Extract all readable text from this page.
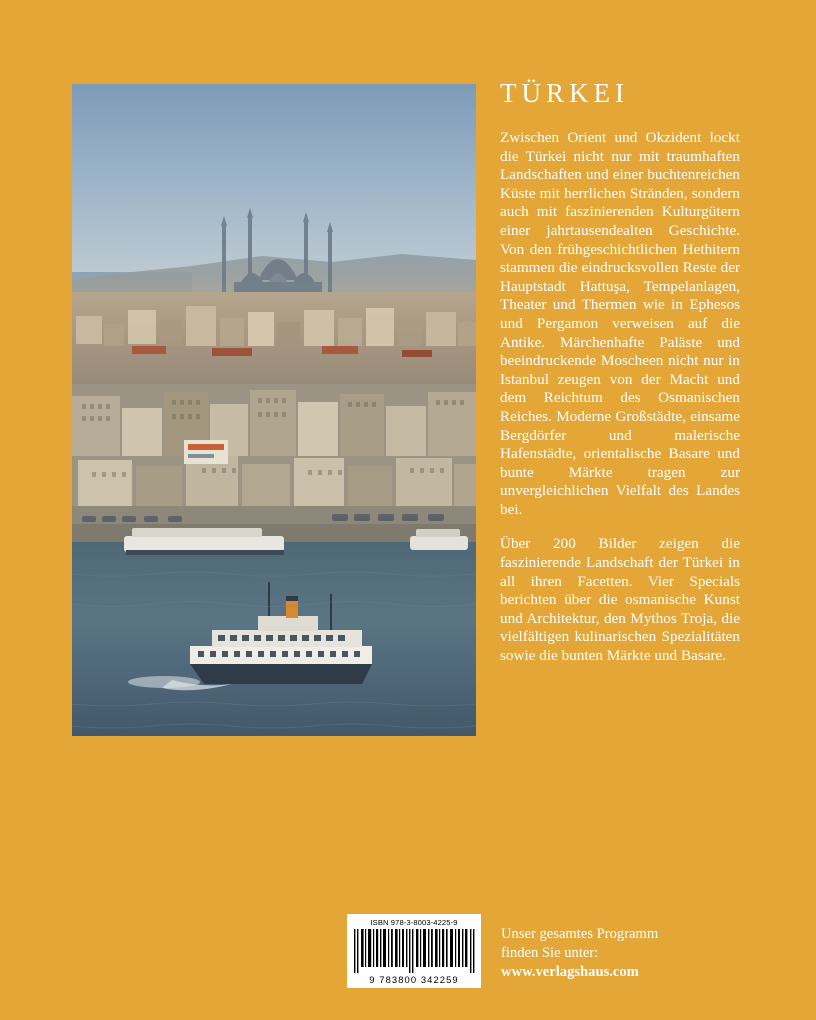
TÜRKEI

Zwischen Orient und Okzident lockt die Türkei nicht nur mit traumhaften Landschaften und einer buchtenreichen Küste mit herrlichen Stränden, sondern auch mit faszinierenden Kulturgütern einer jahrtausendealten Geschichte. Von den frühgeschichtlichen Hethitern stammen die eindrucksvollen Reste der Hauptstadt Hattuşa, Tempelanlagen, Theater und Thermen wie in Ephesos und Pergamon verweisen auf die Antike. Märchenhafte Paläste und beeindruckende Moscheen nicht nur in Istanbul zeugen von der Macht und dem Reichtum des Osmanischen Reiches. Moderne Großstädte, einsame Bergdörfer und malerische Hafenstädte, orientalische Basare und bunte Märkte tragen zur unvergleichlichen Vielfalt des Landes bei.

Über 200 Bilder zeigen die faszinierende Landschaft der Türkei in all ihren Facetten. Vier Specials berichten über die osmanische Kunst und Architektur, den Mythos Troja, die vielfältigen kulinarischen Spezialitäten sowie die bunten Märkte und Basare.

ISBN 978-3-8003-4225-9
9 783800 342259
Unser gesamtes Programm
finden Sie unter:
www.verlagshaus.com
